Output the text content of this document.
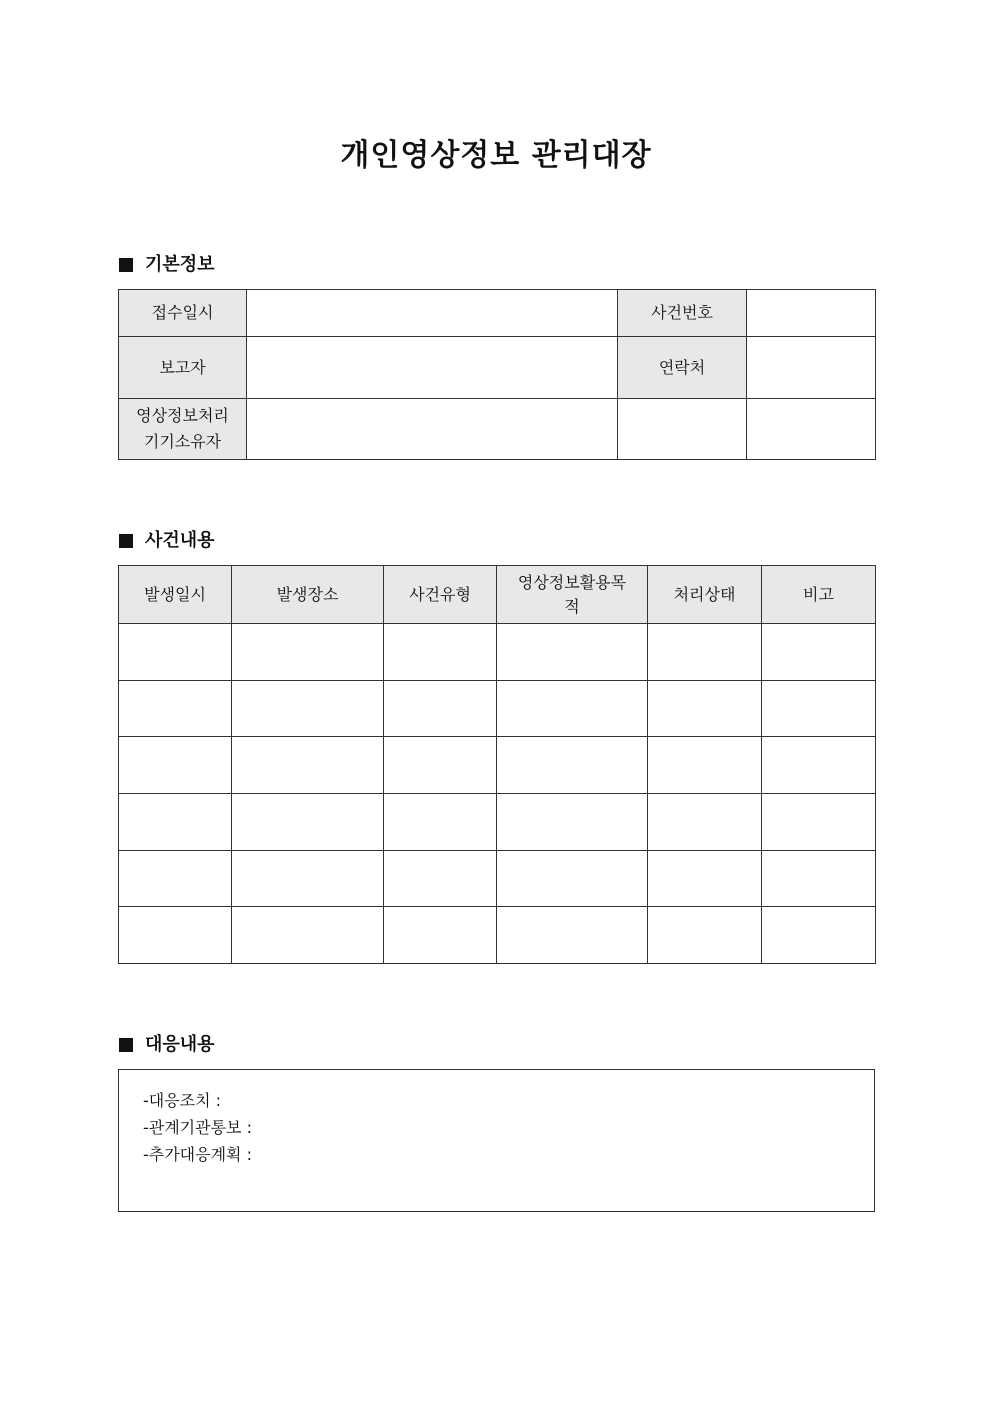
개인영상정보 관리대장
기본정보
접수일시		사건번호	
보고자		연락처	

영상정보처리
기기소유자			

사건내용
발생일시	발생장소	사건유형	영상정보활용목적	처리상태	비고

대응내용
-대응조치 :
-관계기관통보 :
-추가대응계획 :
